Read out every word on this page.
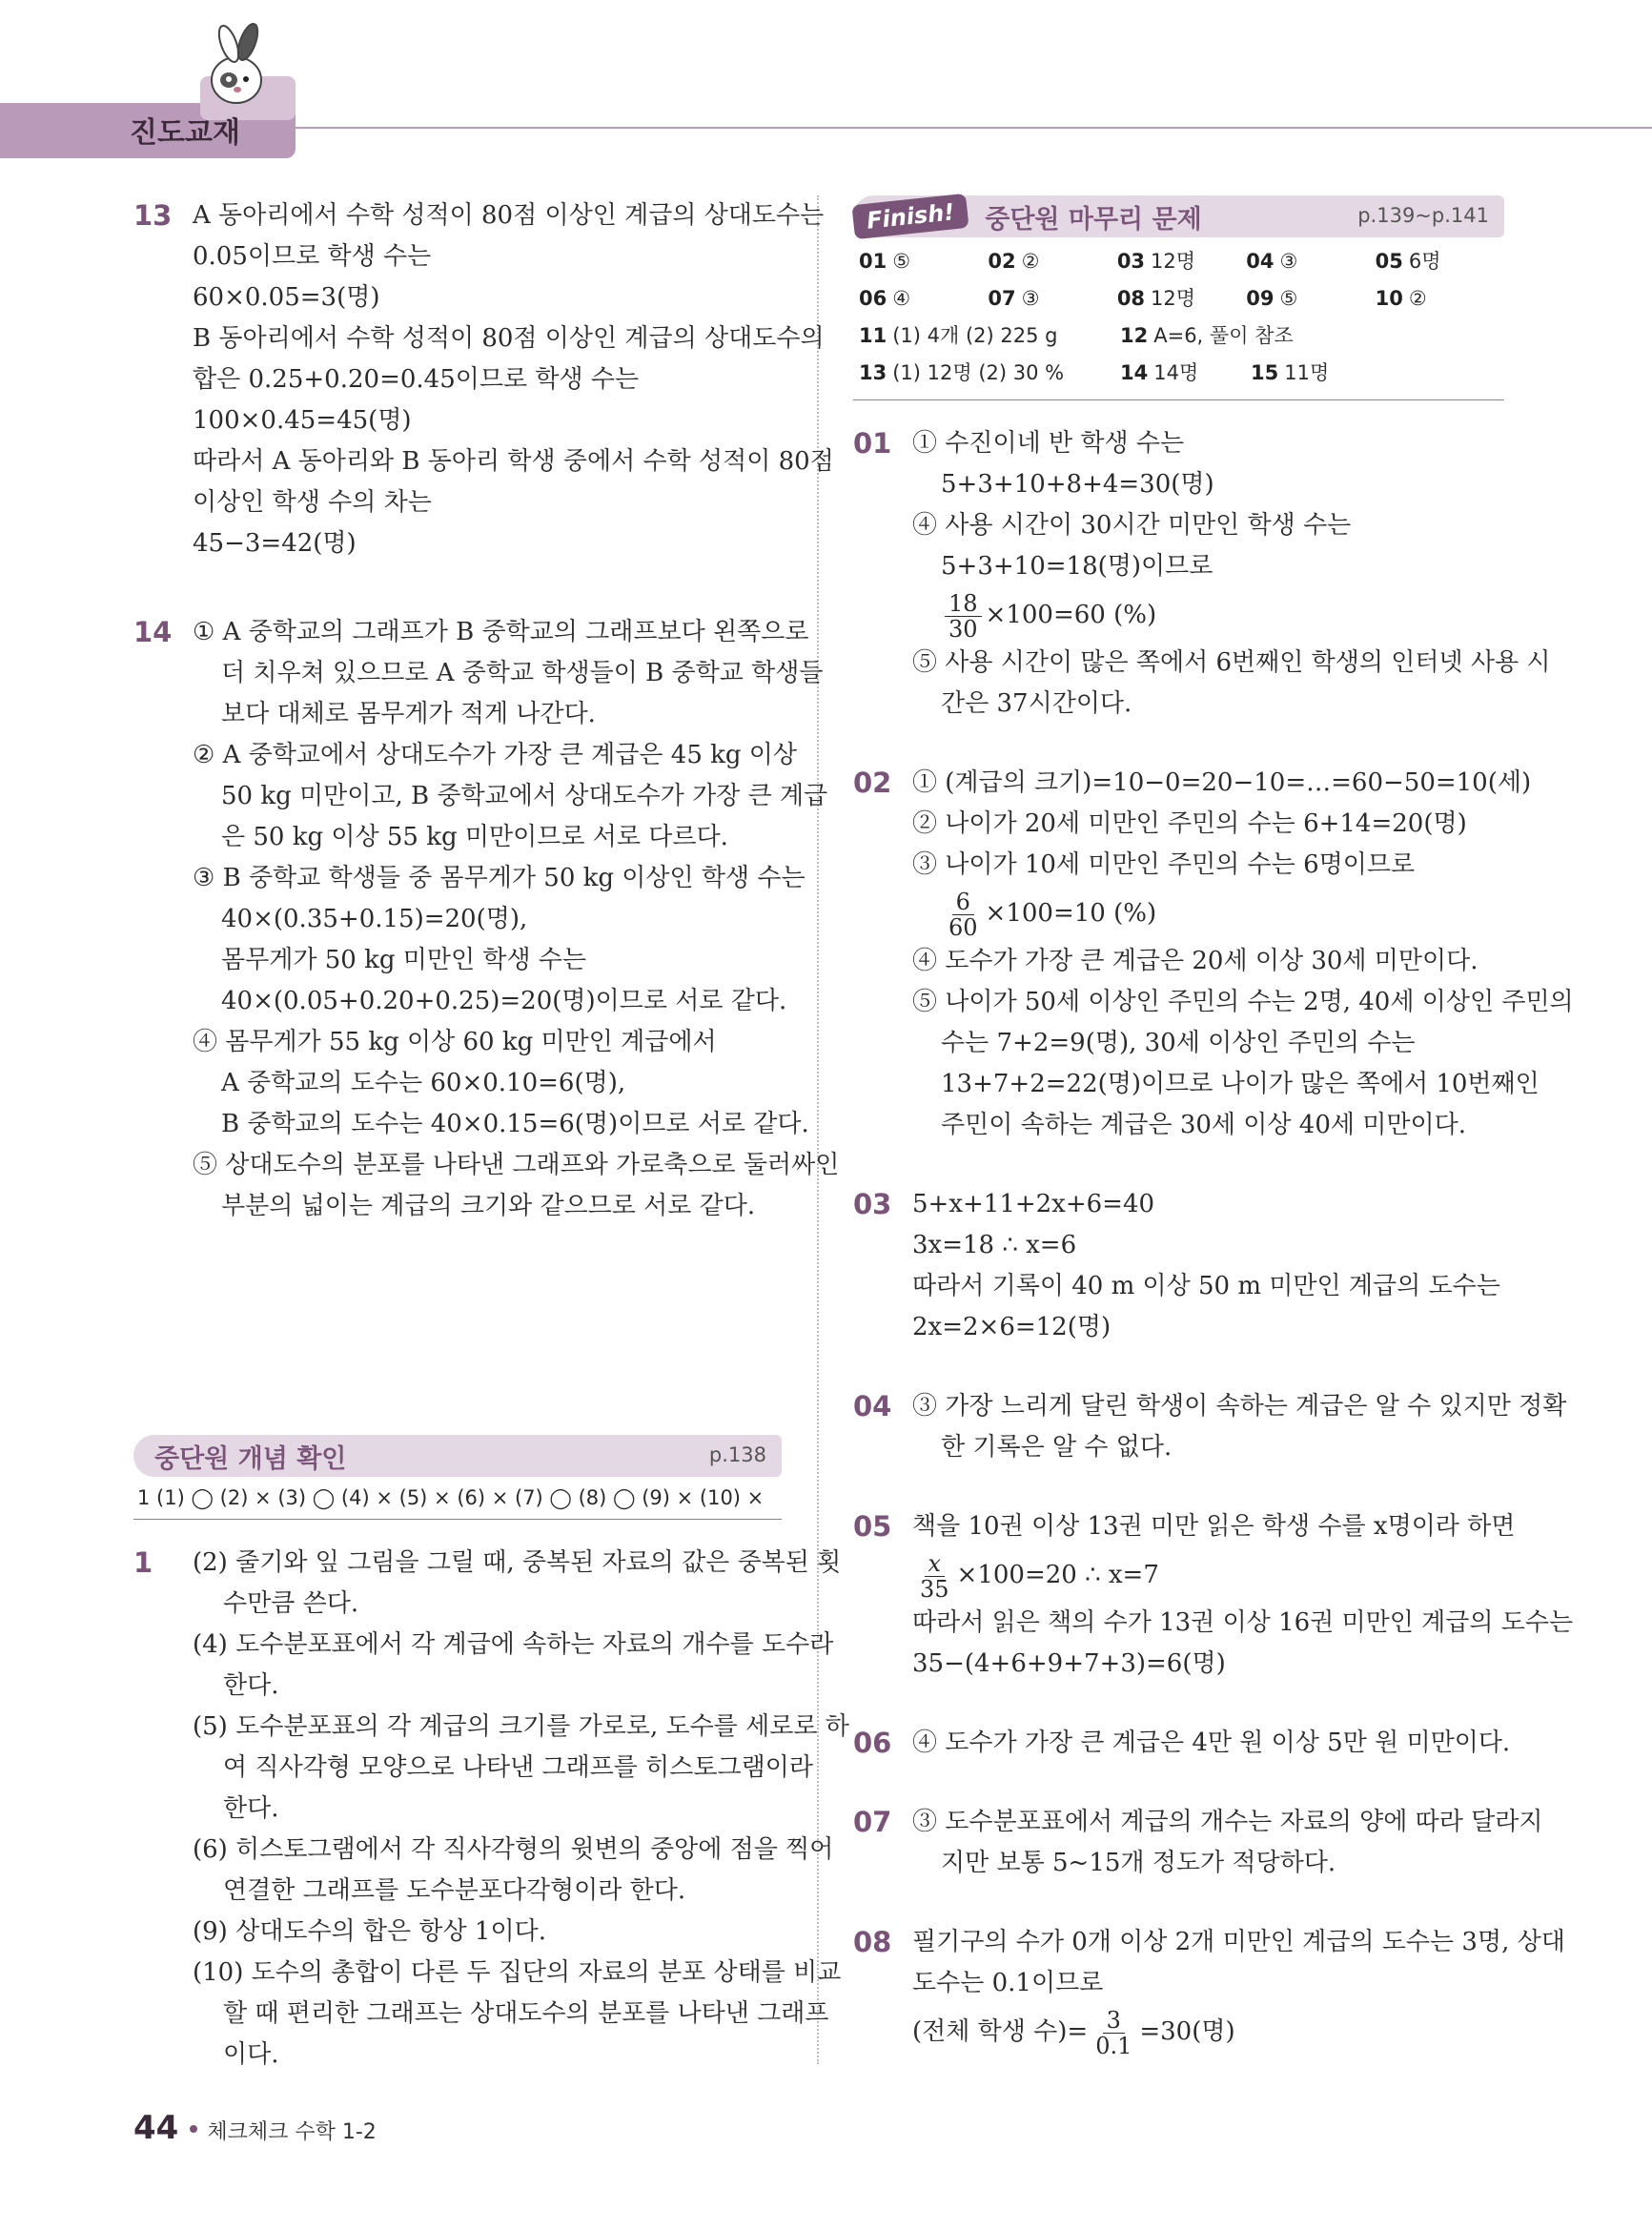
진도교재
13 A 동아리에서 수학 성적이 80점 이상인 계급의 상대도수는
0.05이므로 학생 수는
60×0.05=3(명)
B 동아리에서 수학 성적이 80점 이상인 계급의 상대도수의
합은 0.25+0.20=0.45이므로 학생 수는
100×0.45=45(명)
따라서 A 동아리와 B 동아리 학생 중에서 수학 성적이 80점
이상인 학생 수의 차는
45−3=42(명)
14 ① A 중학교의 그래프가 B 중학교의 그래프보다 왼쪽으로
더 치우쳐 있으므로 A 중학교 학생들이 B 중학교 학생들
보다 대체로 몸무게가 적게 나간다.
② A 중학교에서 상대도수가 가장 큰 계급은 45 kg 이상
50 kg 미만이고, B 중학교에서 상대도수가 가장 큰 계급
은 50 kg 이상 55 kg 미만이므로 서로 다르다.
③ B 중학교 학생들 중 몸무게가 50 kg 이상인 학생 수는
40×(0.35+0.15)=20(명),
몸무게가 50 kg 미만인 학생 수는
40×(0.05+0.20+0.25)=20(명)이므로 서로 같다.
④ 몸무게가 55 kg 이상 60 kg 미만인 계급에서
A 중학교의 도수는 60×0.10=6(명),
B 중학교의 도수는 40×0.15=6(명)이므로 서로 같다.
⑤ 상대도수의 분포를 나타낸 그래프와 가로축으로 둘러싸인
부분의 넓이는 계급의 크기와 같으므로 서로 같다.
중단원 개념 확인	p.138
1 (1) ◯ (2) × (3) ◯ (4) × (5) × (6) × (7) ◯ (8) ◯ (9) × (10) ×
1 (2) 줄기와 잎 그림을 그릴 때, 중복된 자료의 값은 중복된 횟
수만큼 쓴다.
(4) 도수분포표에서 각 계급에 속하는 자료의 개수를 도수라
한다.
(5) 도수분포표의 각 계급의 크기를 가로로, 도수를 세로로 하
여 직사각형 모양으로 나타낸 그래프를 히스토그램이라
한다.
(6) 히스토그램에서 각 직사각형의 윗변의 중앙에 점을 찍어
연결한 그래프를 도수분포다각형이라 한다.
(9) 상대도수의 합은 항상 1이다.
(10) 도수의 총합이 다른 두 집단의 자료의 분포 상태를 비교
할 때 편리한 그래프는 상대도수의 분포를 나타낸 그래프
이다.
Finish!	중단원 마무리 문제	p.139~p.141
01 ⑤	02 ②	03 12명	04 ③	05 6명
06 ④	07 ③	08 12명	09 ⑤	10 ②
11 (1) 4개 (2) 225 g	12 A=6, 풀이 참조
13 (1) 12명 (2) 30 %	14 14명	15 11명
01 ① 수진이네 반 학생 수는
5+3+10+8+4=30(명)
④ 사용 시간이 30시간 미만인 학생 수는
5+3+10=18(명)이므로
$\frac{18}{30} \times 100=60$ (%)
⑤ 사용 시간이 많은 쪽에서 6번째인 학생의 인터넷 사용 시
간은 37시간이다.
02 ① (계급의 크기)=10−0=20−10=…=60−50=10(세)
② 나이가 20세 미만인 주민의 수는 6+14=20(명)
③ 나이가 10세 미만인 주민의 수는 6명이므로
$\frac{6}{60} \times 100=10$ (%)
④ 도수가 가장 큰 계급은 20세 이상 30세 미만이다.
⑤ 나이가 50세 이상인 주민의 수는 2명, 40세 이상인 주민의
수는 7+2=9(명), 30세 이상인 주민의 수는
13+7+2=22(명)이므로 나이가 많은 쪽에서 10번째인
주민이 속하는 계급은 30세 이상 40세 미만이다.
03 5+x+11+2x+6=40
3x=18 ∴ x=6
따라서 기록이 40 m 이상 50 m 미만인 계급의 도수는
2x=2×6=12(명)
04 ③ 가장 느리게 달린 학생이 속하는 계급은 알 수 있지만 정확
한 기록은 알 수 없다.
05 책을 10권 이상 13권 미만 읽은 학생 수를 x명이라 하면
$\frac{x}{35} \times 100=20$ ∴ x=7
따라서 읽은 책의 수가 13권 이상 16권 미만인 계급의 도수는
35−(4+6+9+7+3)=6(명)
06 ④ 도수가 가장 큰 계급은 4만 원 이상 5만 원 미만이다.
07 ③ 도수분포표에서 계급의 개수는 자료의 양에 따라 달라지
지만 보통 5~15개 정도가 적당하다.
08 필기구의 수가 0개 이상 2개 미만인 계급의 도수는 3명, 상대
도수는 0.1이므로
(전체 학생 수)= $\frac{3}{0.1} =30$(명)
44 체크체크 수학 1-2
